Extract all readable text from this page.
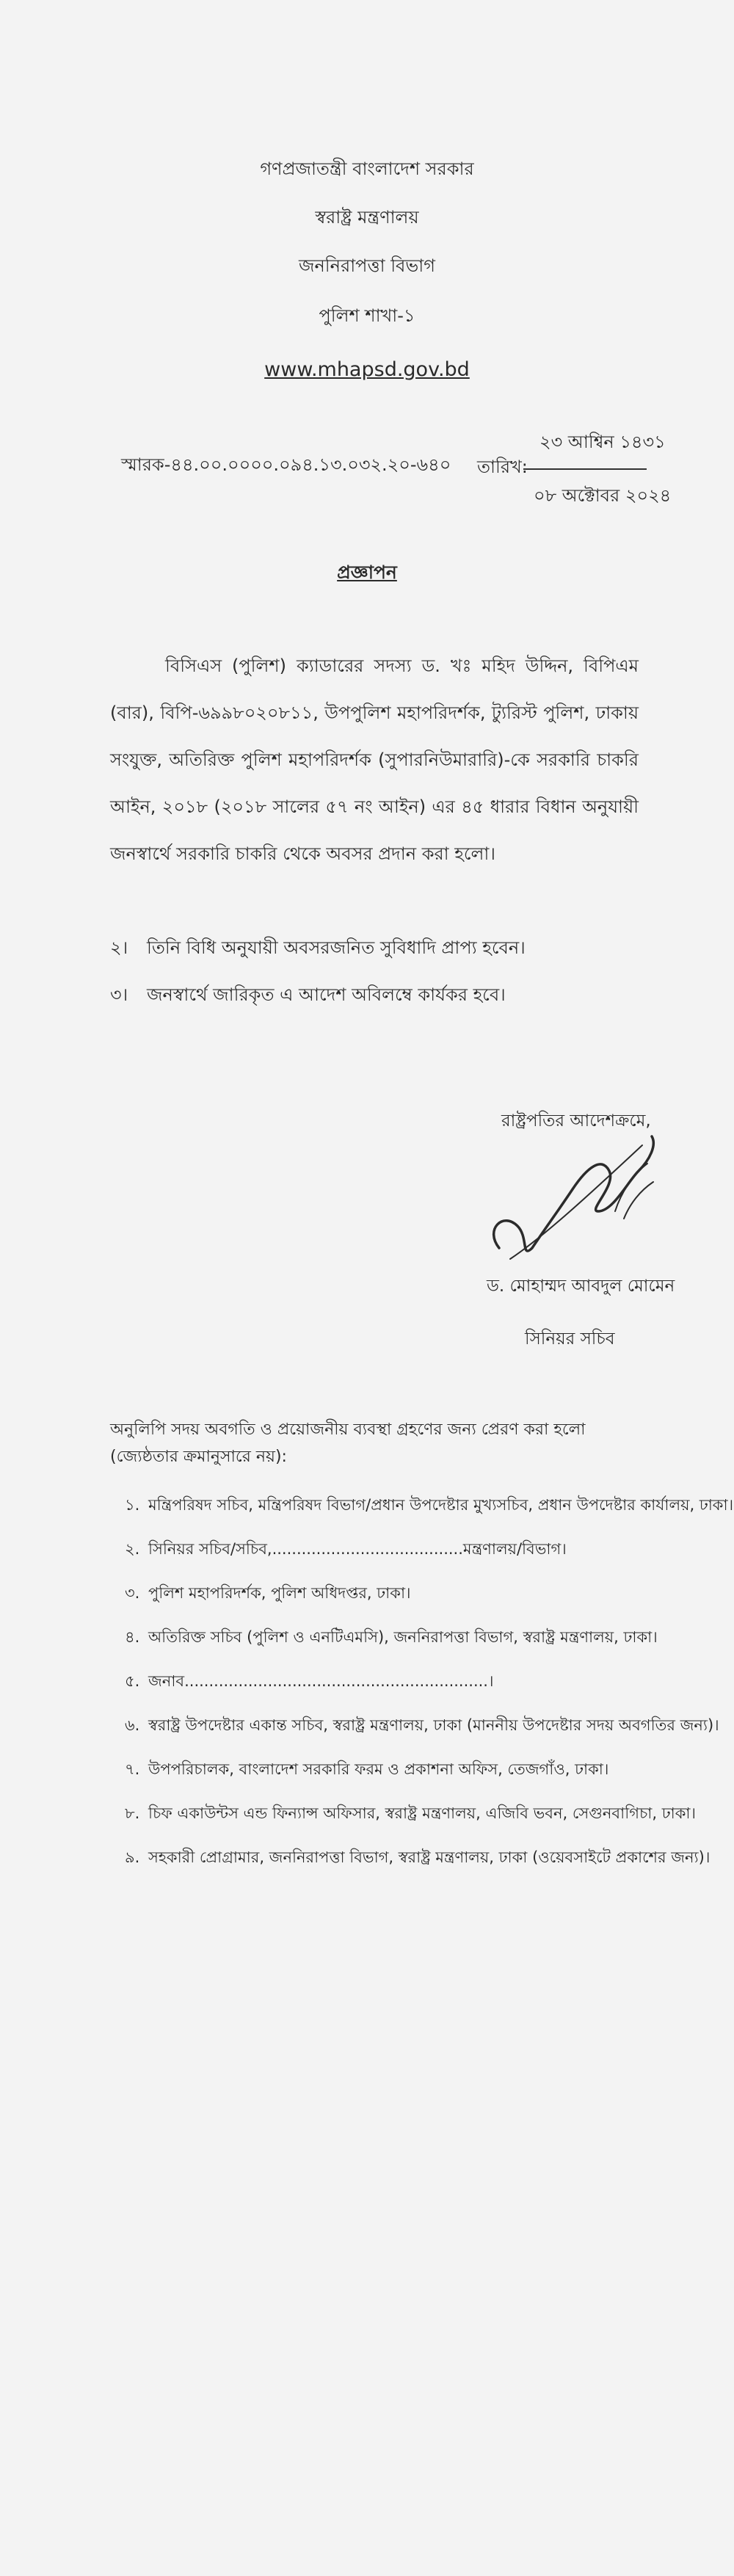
গণপ্রজাতন্ত্রী বাংলাদেশ সরকার
স্বরাষ্ট্র মন্ত্রণালয়
জননিরাপত্তা বিভাগ
পুলিশ শাখা-১
www.mhapsd.gov.bd
স্মারক-৪৪.০০.০০০০.০৯৪.১৩.০৩২.২০-৬৪০ তারিখ:
২৩ আশ্বিন ১৪৩১
০৮ অক্টোবর ২০২৪
প্রজ্ঞাপন
বিসিএস (পুলিশ) ক্যাডারের সদস্য ড. খঃ মহিদ উদ্দিন, বিপিএম (বার), বিপি-৬৯৯৮০২০৮১১, উপপুলিশ মহাপরিদর্শক, ট্যুরিস্ট পুলিশ, ঢাকায় সংযুক্ত, অতিরিক্ত পুলিশ মহাপরিদর্শক (সুপারনিউমারারি)-কে সরকারি চাকরি আইন, ২০১৮ (২০১৮ সালের ৫৭ নং আইন) এর ৪৫ ধারার বিধান অনুযায়ী জনস্বার্থে সরকারি চাকরি থেকে অবসর প্রদান করা হলো।
২। তিনি বিধি অনুযায়ী অবসরজনিত সুবিধাদি প্রাপ্য হবেন।
৩। জনস্বার্থে জারিকৃত এ আদেশ অবিলম্বে কার্যকর হবে।
রাষ্ট্রপতির আদেশক্রমে,
ড. মোহাম্মদ আবদুল মোমেন
সিনিয়র সচিব
অনুলিপি সদয় অবগতি ও প্রয়োজনীয় ব্যবস্থা গ্রহণের জন্য প্রেরণ করা হলো (জ্যেষ্ঠতার ক্রমানুসারে নয়):
১. মন্ত্রিপরিষদ সচিব, মন্ত্রিপরিষদ বিভাগ/প্রধান উপদেষ্টার মুখ্যসচিব, প্রধান উপদেষ্টার কার্যালয়, ঢাকা।
২. সিনিয়র সচিব/সচিব,.......................................মন্ত্রণালয়/বিভাগ।
৩. পুলিশ মহাপরিদর্শক, পুলিশ অধিদপ্তর, ঢাকা।
৪. অতিরিক্ত সচিব (পুলিশ ও এনটিএমসি), জননিরাপত্তা বিভাগ, স্বরাষ্ট্র মন্ত্রণালয়, ঢাকা।
৫. জনাব..............................................................।
৬. স্বরাষ্ট্র উপদেষ্টার একান্ত সচিব, স্বরাষ্ট্র মন্ত্রণালয়, ঢাকা (মাননীয় উপদেষ্টার সদয় অবগতির জন্য)।
৭. উপপরিচালক, বাংলাদেশ সরকারি ফরম ও প্রকাশনা অফিস, তেজগাঁও, ঢাকা।
৮. চিফ একাউন্টস এন্ড ফিন্যান্স অফিসার, স্বরাষ্ট্র মন্ত্রণালয়, এজিবি ভবন, সেগুনবাগিচা, ঢাকা।
৯. সহকারী প্রোগ্রামার, জননিরাপত্তা বিভাগ, স্বরাষ্ট্র মন্ত্রণালয়, ঢাকা (ওয়েবসাইটে প্রকাশের জন্য)।
